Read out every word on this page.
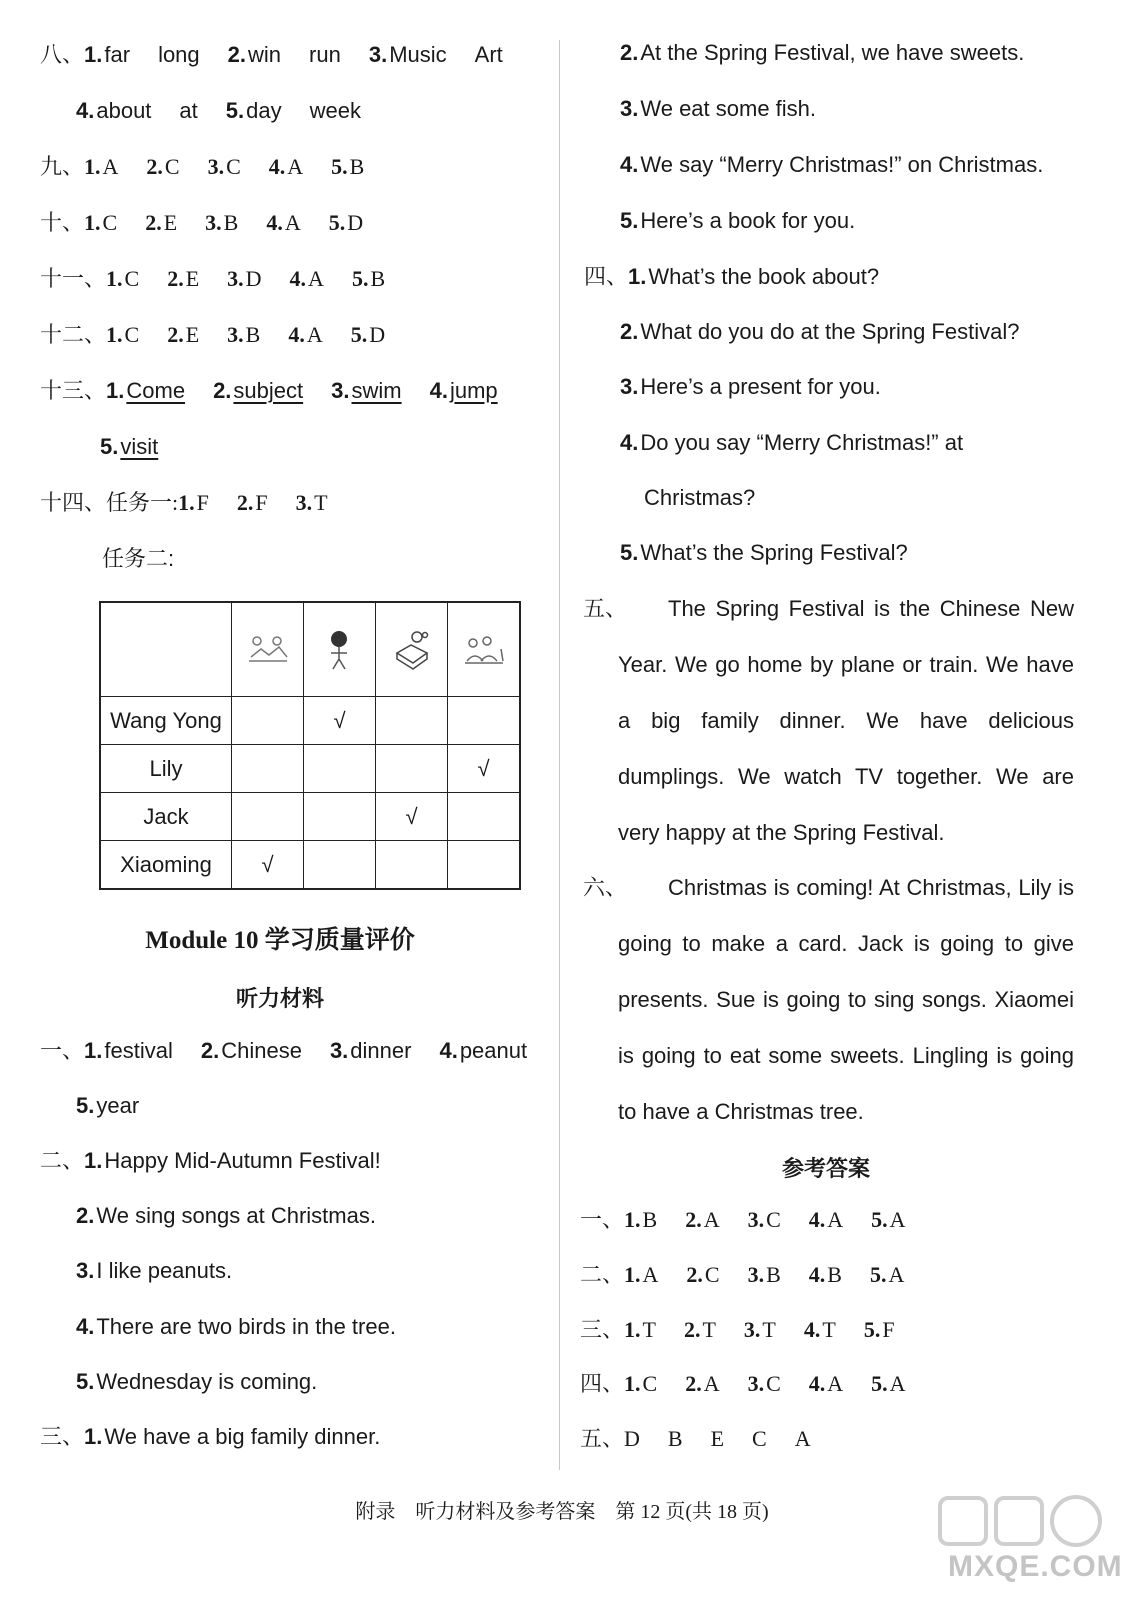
八、1.far long 2.win run 3.Music Art
4.about at 5.day week
九、1.A 2.C 3.C 4.A 5.B
十、1.C 2.E 3.B 4.A 5.D
十一、1.C 2.E 3.D 4.A 5.B
十二、1.C 2.E 3.B 4.A 5.D
十三、1.Come 2.subject 3.swim 4.jump
5.visit
十四、任务一:1.F 2.F 3.T
任务二:

Wang Yong		√		
Lily				√
Jack			√	
Xiaoming	√			
Module 10 学习质量评价
听力材料
一、1.festival 2.Chinese 3.dinner 4.peanut
5.year
二、1.Happy Mid-Autumn Festival!
2.We sing songs at Christmas.
3.I like peanuts.
4.There are two birds in the tree.
5.Wednesday is coming.
三、1.We have a big family dinner.
2.At the Spring Festival, we have sweets.
3.We eat some fish.
4.We say “Merry Christmas!” on Christmas.
5.Here’s a book for you.
四、1.What’s the book about?
2.What do you do at the Spring Festival?
3.Here’s a present for you.
4.Do you say “Merry Christmas!” at
Christmas?
5.What’s the Spring Festival?
五、 The Spring Festival is the Chinese New Year. We go home by plane or train. We have a big family dinner. We have delicious dumplings. We watch TV together. We are very happy at the Spring Festival.
六、 Christmas is coming! At Christmas, Lily is going to make a card. Jack is going to give presents. Sue is going to sing songs. Xiaomei is going to eat some sweets. Lingling is going to have a Christmas tree.
参考答案
一、1.B 2.A 3.C 4.A 5.A
二、1.A 2.C 3.B 4.B 5.A
三、1.T 2.T 3.T 4.T 5.F
四、1.C 2.A 3.C 4.A 5.A
五、D B E C A
附录　听力材料及参考答案　第 12 页(共 18 页)
MXQE.COM
